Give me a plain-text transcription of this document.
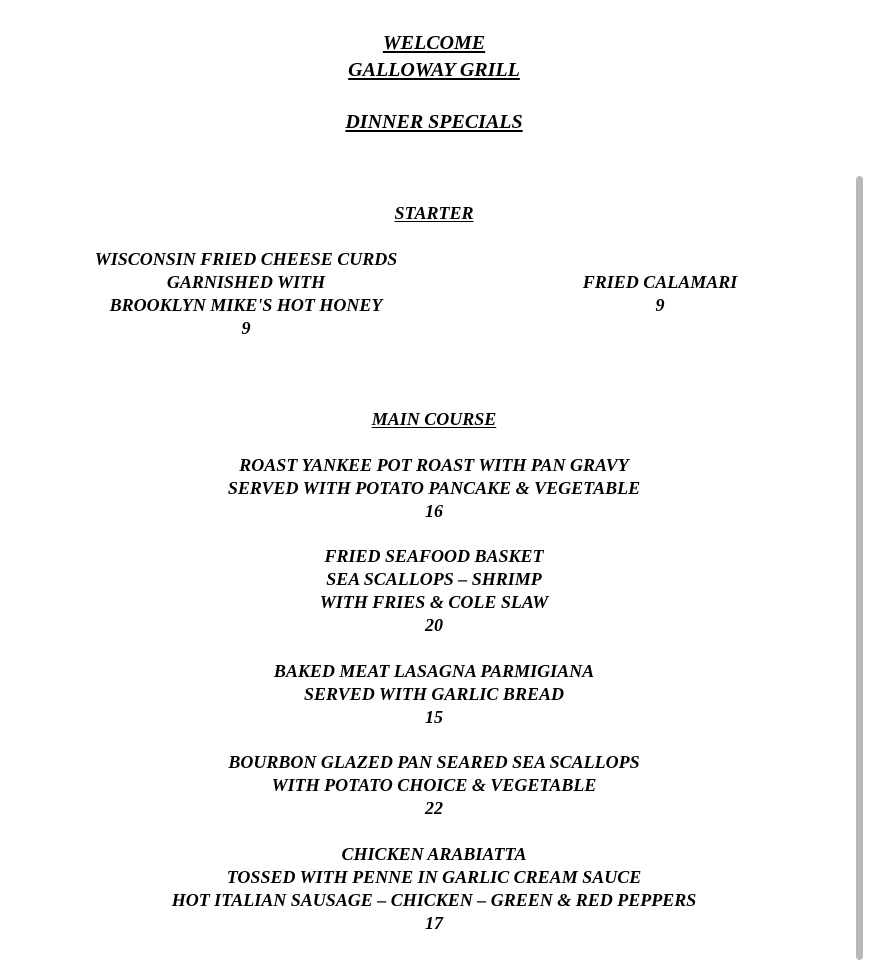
WELCOME
GALLOWAY GRILL
DINNER SPECIALS
STARTER
WISCONSIN FRIED CHEESE CURDS
GARNISHED WITH
BROOKLYN MIKE'S HOT HONEY
9
FRIED CALAMARI
9
MAIN COURSE
ROAST YANKEE POT ROAST WITH PAN GRAVY
SERVED WITH POTATO PANCAKE & VEGETABLE
16
FRIED SEAFOOD BASKET
SEA SCALLOPS – SHRIMP
WITH FRIES & COLE SLAW
20
BAKED MEAT LASAGNA PARMIGIANA
SERVED WITH GARLIC BREAD
15
BOURBON GLAZED PAN SEARED SEA SCALLOPS
WITH POTATO CHOICE & VEGETABLE
22
CHICKEN ARABIATTA
TOSSED WITH PENNE IN GARLIC CREAM SAUCE
HOT ITALIAN SAUSAGE – CHICKEN – GREEN & RED PEPPERS
17
